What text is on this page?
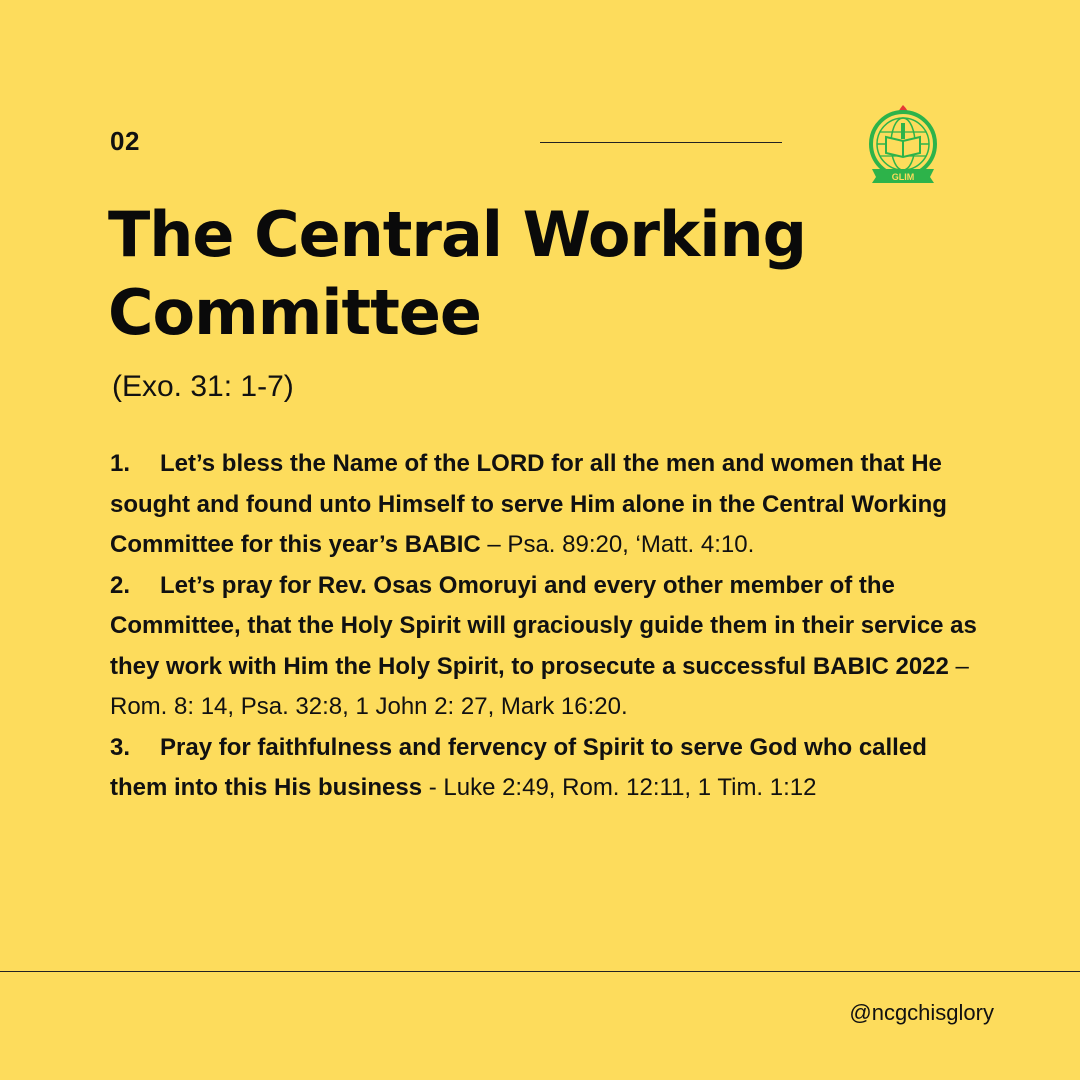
02
GLIM
The Central Working Committee
(Exo. 31: 1-7)

1. Let’s bless the Name of the LORD for all the men and women that He sought and found unto Himself to serve Him alone in the Central Working Committee for this year’s BABIC – Psa. 89:20, ‘Matt. 4:10.

2. Let’s pray for Rev. Osas Omoruyi and every other member of the Committee, that the Holy Spirit will graciously guide them in their service as they work with Him the Holy Spirit, to prosecute a successful BABIC 2022 – Rom. 8: 14, Psa. 32:8, 1 John 2: 27, Mark 16:20.

3. Pray for faithfulness and fervency of Spirit to serve God who called them into this His business - Luke 2:49, Rom. 12:11, 1 Tim. 1:12

@ncgchisglory
